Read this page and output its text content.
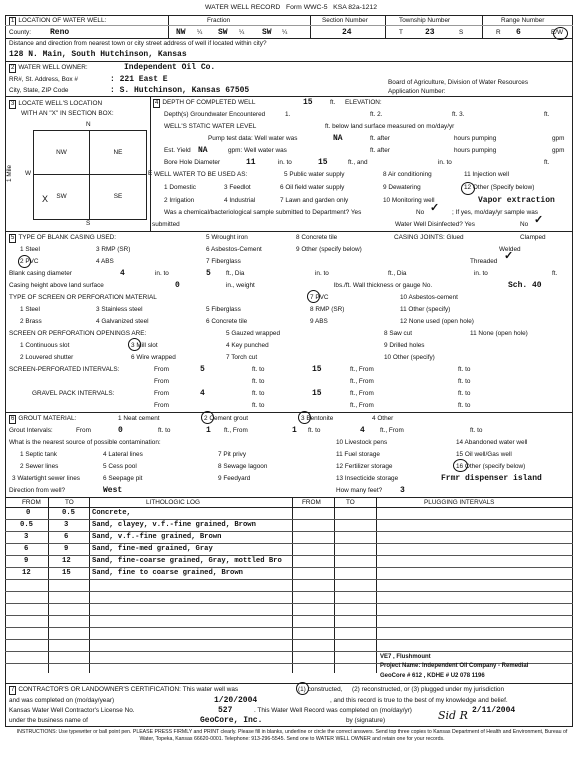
WATER WELL RECORD Form WWC-5 KSA 82a-1212
1 LOCATION OF WATER WELL:	Fraction	Section Number	Township Number	Range Number
County: Reno	NW ¼ SW ¼ SW ¼	24	T	23	S	R 6	E/W
Distance and direction from nearest town or city street address of well if located within city?
128 N. Main, South Hutchinson, Kansas
2 WATER WELL OWNER:	Independent Oil Co.
RR#, St. Address, Box #	: 221 East E
City, State, ZIP Code	: S. Hutchinson, Kansas 67505
Board of Agriculture, Division of Water Resources
Application Number:
3 LOCATE WELL'S LOCATION
WITH AN "X" IN SECTION BOX:
N
S
W	E
1 Mile
NW	NE
SW	SE
X
4 DEPTH OF COMPLETED WELL	15	ft. ELEVATION:
Depth(s) Groundwater Encountered	1.	ft. 2.	ft. 3.	ft.
WELL'S STATIC WATER LEVEL	ft. below land surface measured on mo/day/yr
Pump test data: Well water was	NA	ft. after	hours pumping	gpm
Est. Yield NA	gpm: Well water was	ft. after	hours pumping	gpm
Bore Hole Diameter	11	in. to	15	ft., and	in. to	ft.
WELL WATER TO BE USED AS:	5 Public water supply	8 Air conditioning	11 Injection well
1 Domestic	3 Feedlot	6 Oil field water supply	9 Dewatering	12 Other (Specify below)
2 Irrigation	4 Industrial	7 Lawn and garden only	10 Monitoring well	Vapor extraction
Was a chemical/bacteriological sample submitted to Department? Yes	No ✓ ; If yes, mo/day/yr sample was
submitted	Water Well Disinfected? Yes	No ✓
5 TYPE OF BLANK CASING USED:	5 Wrought iron	8 Concrete tile	CASING JOINTS: Glued	Clamped
1 Steel	3 RMP (SR)	6 Asbestos-Cement	9 Other (specify below)	Welded
2 PVC	4 ABS	7 Fiberglass	Threaded ✓
Blank casing diameter	4	in. to	5 ft., Dia	in. to	ft., Dia	in. to	ft.
Casing height above land surface	0	in., weight	lbs./ft. Wall thickness or gauge No.	Sch. 40
TYPE OF SCREEN OR PERFORATION MATERIAL	7 PVC	10 Asbestos-cement
1 Steel	3 Stainless steel	5 Fiberglass	8 RMP (SR)	11 Other (specify)
2 Brass	4 Galvanized steel	6 Concrete tile	9 ABS	12 None used (open hole)
SCREEN OR PERFORATION OPENINGS ARE:	5 Gauzed wrapped	8 Saw cut	11 None (open hole)
1 Continuous slot	3 Mill slot	4 Key punched	9 Drilled holes
2 Louvered shutter	6 Wire wrapped	7 Torch cut	10 Other (specify)
SCREEN-PERFORATED INTERVALS:	From	5	ft. to	15	ft., From	ft. to
From	ft. to	ft., From	ft. to
GRAVEL PACK INTERVALS:	From	4	ft. to	15	ft., From	ft. to
From	ft. to	ft., From	ft. to
6 GROUT MATERIAL:	1 Neat cement	2 Cement grout	3 Bentonite	4 Other
Grout Intervals:	From	0	ft. to	1 ft., From	1 ft. to	4 ft., From	ft. to
What is the nearest source of possible contamination:	10 Livestock pens	14 Abandoned water well
1 Septic tank	4 Lateral lines	7 Pit privy	11 Fuel storage	15 Oil well/Gas well
2 Sewer lines	5 Cess pool	8 Sewage lagoon	12 Fertilizer storage	16 Other (specify below)
3 Watertight sewer lines	6 Seepage pit	9 Feedyard	13 Insecticide storage	Frmr dispenser island
Direction from well?	West	How many feet? 3
FROM	TO	LITHOLOGIC LOG	FROM	TO	PLUGGING INTERVALS
0	0.5 Concrete,
0.5	3	Sand, clayey, v.f.-fine grained, Brown
3	6	Sand, v.f.-fine grained, Brown
6	9	Sand, fine-med grained, Gray
9	12	Sand, fine-coarse grained, Gray, mottled Bro
12	15	Sand, fine to coarse grained, Brown
VE7 , Flushmount
Project Name: Independent Oil Company - Remedial
GeoCore # 612 , KDHE # U2 078 1196
7 CONTRACTOR'S OR LANDOWNER'S CERTIFICATION: This water well was	(1) constructed, (2) reconstructed, or (3) plugged under my jurisdiction
and was completed on (mo/day/year)	1/20/2004	, and this record is true to the best of my knowledge and belief.
Kansas Water Well Contractor's License No.	527	. This Water Well Record was completed on (mo/day/yr)	2/11/2004
under the business name of	GeoCore, Inc.	by (signature)	Sid R
INSTRUCTIONS: Use typewriter or ball point pen. PLEASE PRESS FIRMLY and PRINT clearly. Please fill in blanks, underline or circle the correct answers. Send top three copies to Kansas Department of Health and Environment, Bureau of Water, Topeka, Kansas 66620-0001. Telephone: 913-296-5545. Send one to WATER WELL OWNER and retain one for your records.
